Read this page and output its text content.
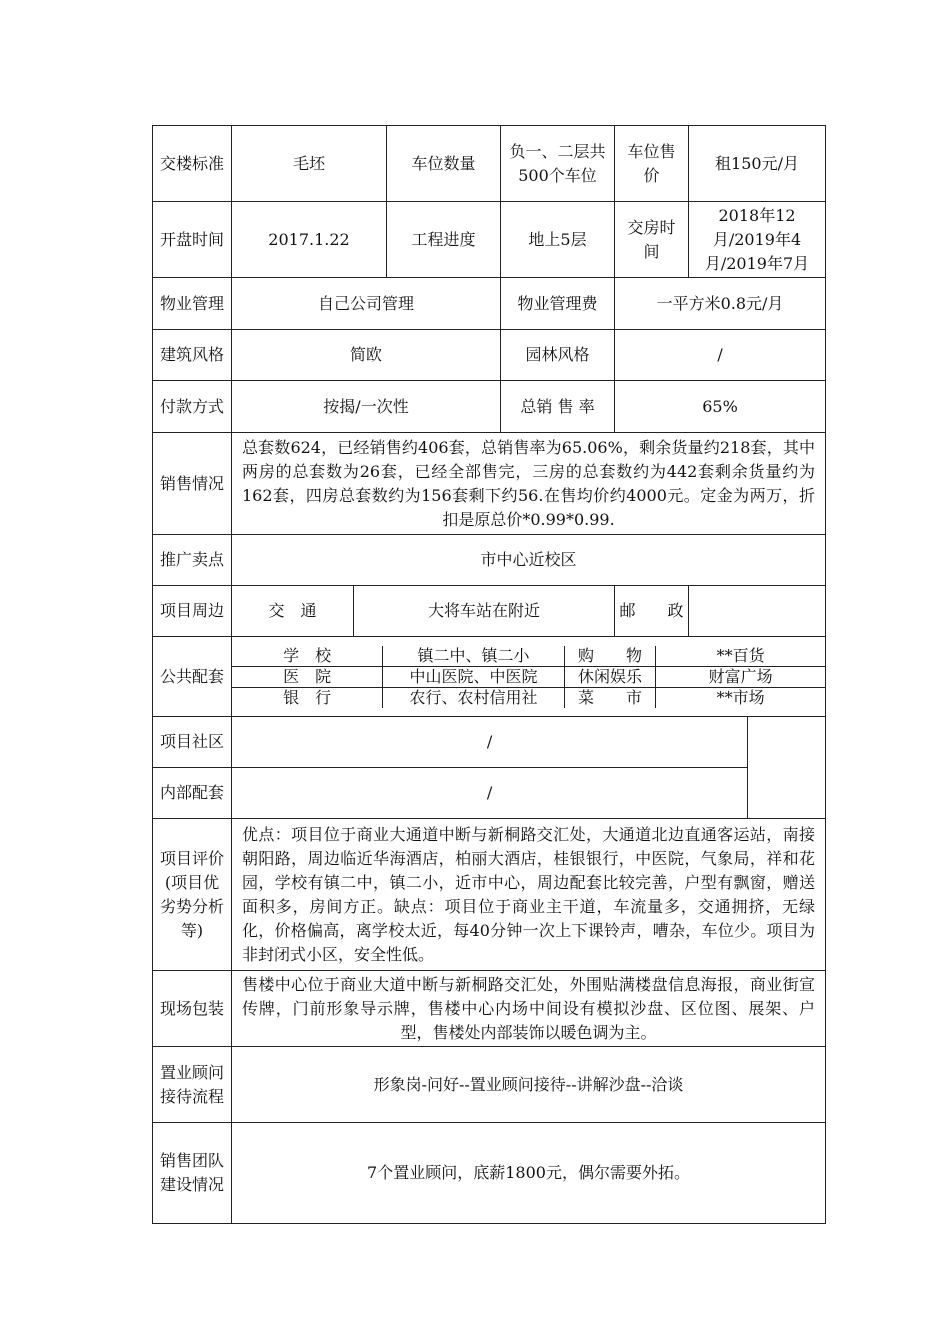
交楼标准	毛坯	车位数量	负一、二层共500个车位	车位售价	租150元/月
开盘时间	2017.1.22	工程进度	地上5层	交房时间	2018年12月/2019年4月/2019年7月
物业管理	自己公司管理	物业管理费	一平方米0.8元/月
建筑风格	简欧	园林风格	/
付款方式	按揭/一次性	总销 售 率	65%
销售情况	总套数624，已经销售约406套，总销售率为65.06%，剩余货量约218套，其中两房的总套数为26套，已经全部售完，三房的总套数约为442套剩余货量约为162套，四房总套数约为156套剩下约56.在售均价约4000元。定金为两万，折扣是原总价*0.99*0.99.
推广卖点	市中心近校区
项目周边	交　通	大将车站在附近	邮　　政	
公共配套	
学　校	镇二中、镇二小	购　　物	**百货
医　院	中山医院、中医院	休闲娱乐	财富广场
银　行	农行、农村信用社	菜　　市	**市场

项目社区	/	
内部配套	/
项目评价(项目优劣势分析等)	优点：项目位于商业大通道中断与新桐路交汇处，大通道北边直通客运站，南接朝阳路，周边临近华海酒店，柏丽大酒店，桂银银行，中医院，气象局，祥和花园，学校有镇二中，镇二小，近市中心，周边配套比较完善，户型有飘窗，赠送面积多，房间方正。缺点：项目位于商业主干道，车流量多，交通拥挤，无绿化，价格偏高，离学校太近，每40分钟一次上下课铃声，嘈杂，车位少。项目为非封闭式小区，安全性低。
现场包装	售楼中心位于商业大道中断与新桐路交汇处，外围贴满楼盘信息海报，商业街宣传牌，门前形象导示牌，售楼中心内场中间设有模拟沙盘、区位图、展架、户型，售楼处内部装饰以暖色调为主。
置业顾问接待流程	形象岗-问好--置业顾问接待--讲解沙盘--洽谈
销售团队建设情况	7个置业顾问，底薪1800元，偶尔需要外拓。
